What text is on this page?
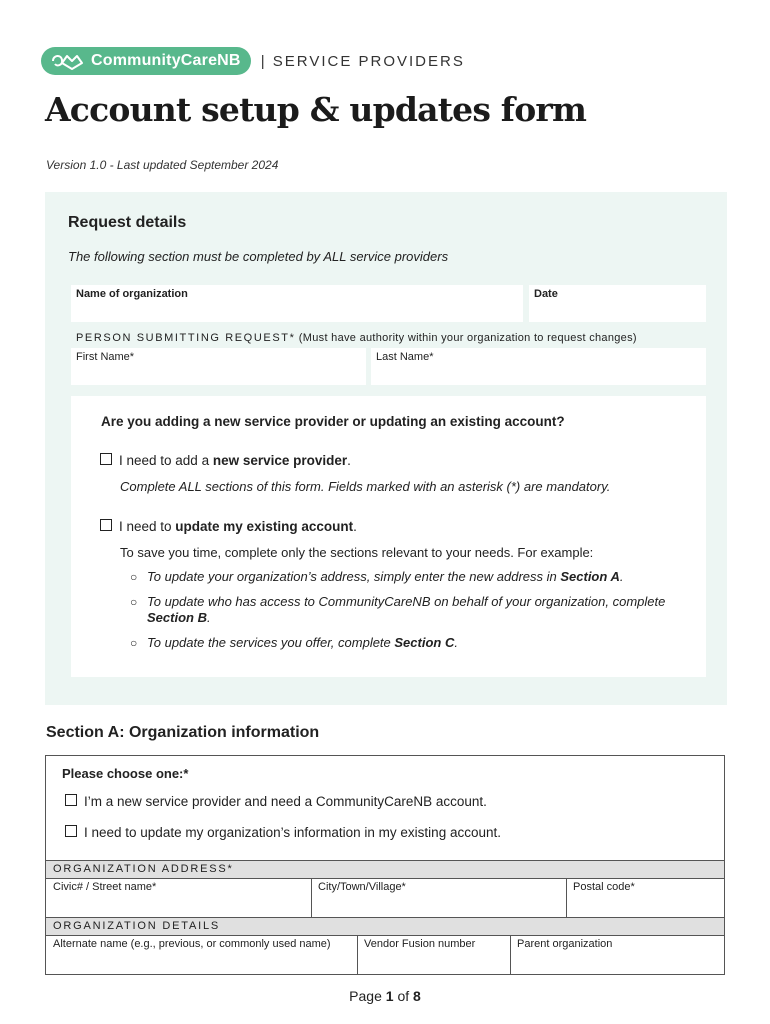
CommunityCareNB | SERVICE PROVIDERS
Account setup & updates form
Version 1.0 - Last updated September 2024
Request details
The following section must be completed by ALL service providers
Name of organization	Date
PERSON SUBMITTING REQUEST* (Must have authority within your organization to request changes)
First Name*	Last Name*
Are you adding a new service provider or updating an existing account?
I need to add a new service provider.
Complete ALL sections of this form. Fields marked with an asterisk (*) are mandatory.
I need to update my existing account.
To save you time, complete only the sections relevant to your needs. For example:
○ To update your organization’s address, simply enter the new address in Section A.
○ To update who has access to CommunityCareNB on behalf of your organization, complete Section B.
○ To update the services you offer, complete Section C.
Section A: Organization information
Please choose one:*
I’m a new service provider and need a CommunityCareNB account.
I need to update my organization’s information in my existing account.
ORGANIZATION ADDRESS*
Civic# / Street name*	City/Town/Village*	Postal code*
ORGANIZATION DETAILS
Alternate name (e.g., previous, or commonly used name)	Vendor Fusion number	Parent organization
Page 1 of 8
